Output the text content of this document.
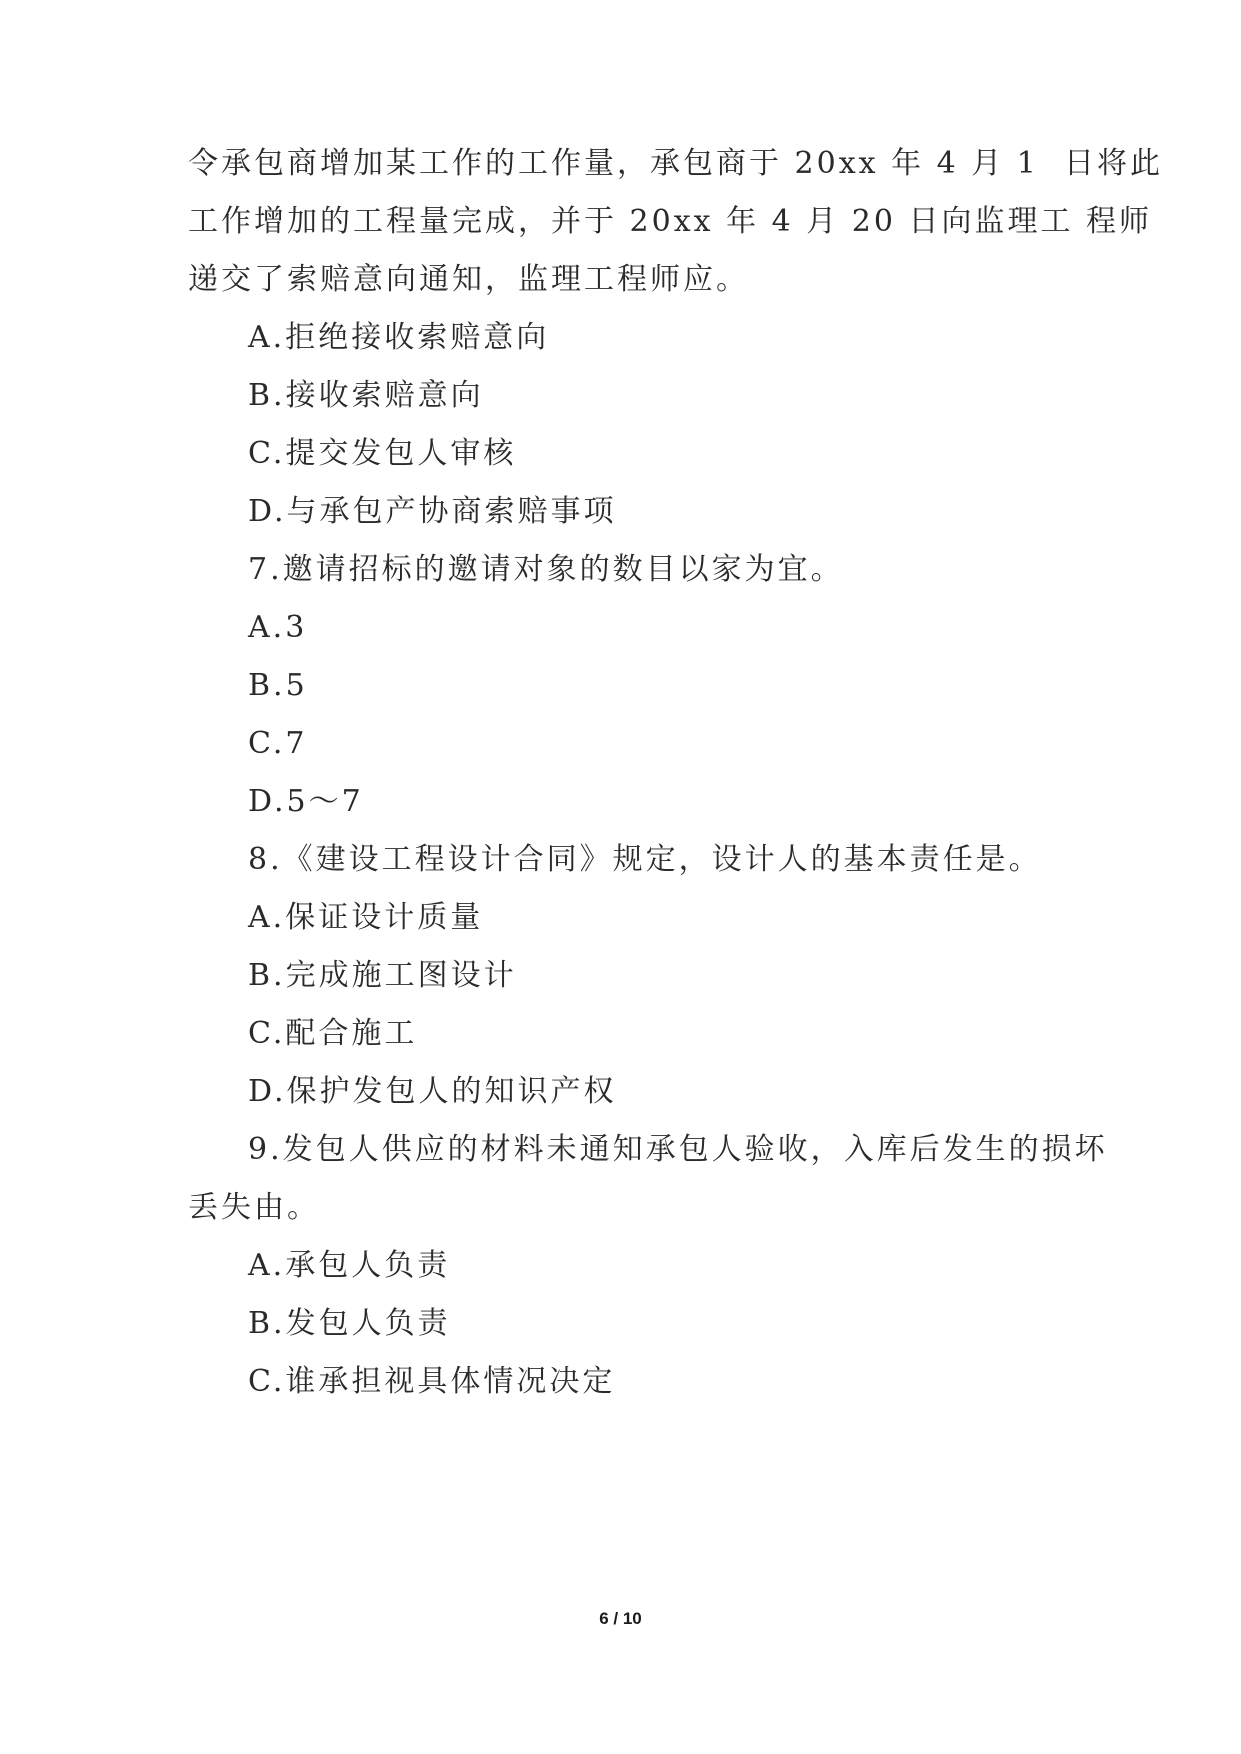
令承包商增加某工作的工作量，承包商于 20xx 年 4 月 1  日将此
工作增加的工程量完成，并于 20xx 年 4 月 20 日向监理工 程师
递交了索赔意向通知，监理工程师应。
A.拒绝接收索赔意向
B.接收索赔意向
C.提交发包人审核
D.与承包产协商索赔事项
7.邀请招标的邀请对象的数目以家为宜。
A.3
B.5
C.7
D.5～7
8.《建设工程设计合同》规定，设计人的基本责任是。
A.保证设计质量
B.完成施工图设计
C.配合施工
D.保护发包人的知识产权
9.发包人供应的材料未通知承包人验收，入库后发生的损坏
丢失由。
A.承包人负责
B.发包人负责
C.谁承担视具体情况决定
6 / 10
